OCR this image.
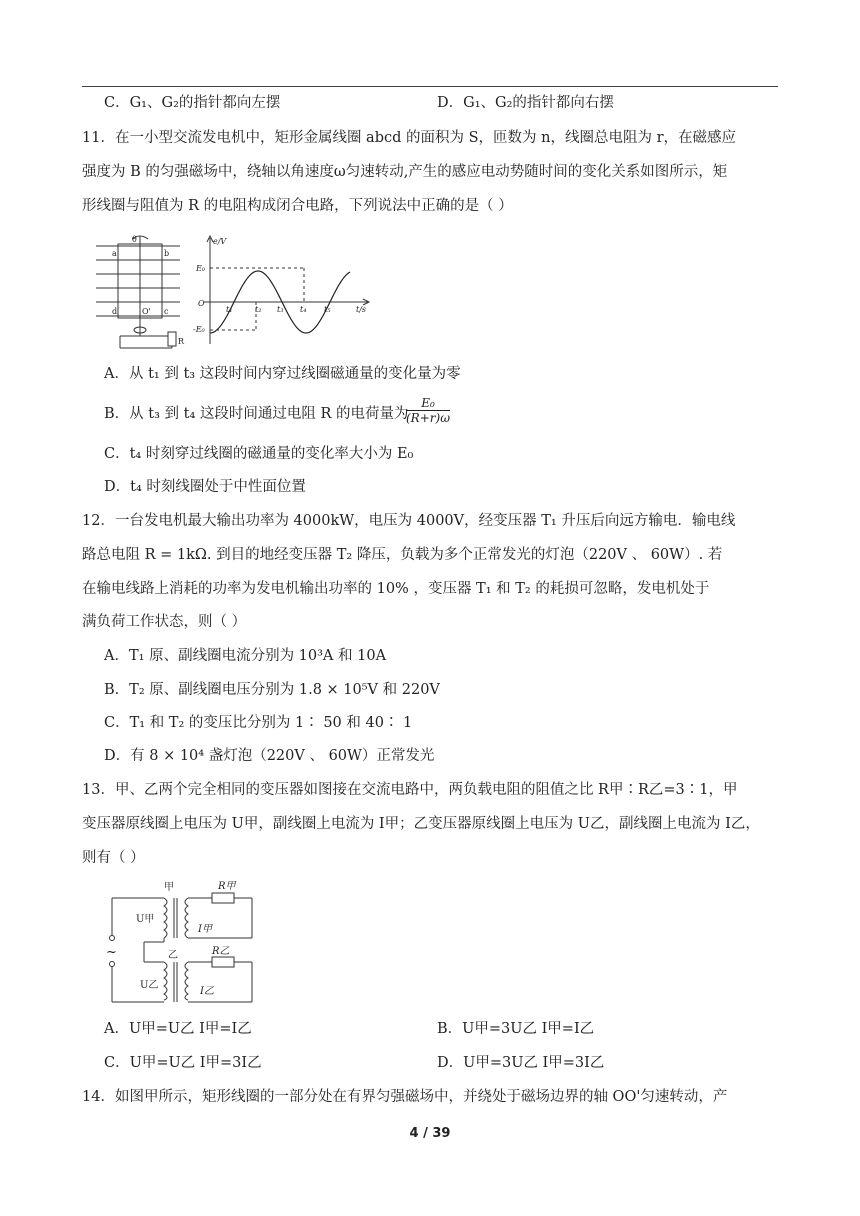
C．G₁、G₂的指针都向左摆	D．G₁、G₂的指针都向右摆
11．在一小型交流发电机中，矩形金属线圈 abcd 的面积为 S，匝数为 n，线圈总电阻为 r，在磁感应
强度为 B 的匀强磁场中，绕轴以角速度ω匀速转动,产生的感应电动势随时间的变化关系如图所示，矩
形线圈与阻值为 R 的电阻构成闭合电路，下列说法中正确的是（ ）
θ
a	b
d	O' c
R
e/V
t/s
O
E₀
-E₀
t₁	t₂ t₃ t₄ t₅
A．从 t₁ 到 t₃ 这段时间内穿过线圈磁通量的变化量为零
B．从 t₃ 到 t₄ 这段时间通过电阻 R 的电荷量为
$\frac{\text{E₀}}{(R+r)\omega}$
C．t₄ 时刻穿过线圈的磁通量的变化率大小为 E₀
D．t₄ 时刻线圈处于中性面位置
12．一台发电机最大输出功率为 4000kW，电压为 4000V，经变压器 T₁ 升压后向远方输电．输电线
路总电阻 R = 1kΩ. 到目的地经变压器 T₂ 降压，负载为多个正常发光的灯泡（220V 、 60W）. 若
在输电线路上消耗的功率为发电机输出功率的 10% ，变压器 T₁ 和 T₂ 的耗损可忽略，发电机处于
满负荷工作状态，则（ ）
A．T₁ 原、副线圈电流分别为 10³A 和 10A
B．T₂ 原、副线圈电压分别为 1.8 × 10⁵V 和 220V
C．T₁ 和 T₂ 的变压比分别为 1∶ 50 和 40∶ 1
D．有 8 × 10⁴ 盏灯泡（220V 、 60W）正常发光
13．甲、乙两个完全相同的变压器如图接在交流电路中，两负载电阻的阻值之比 R甲∶R乙=3∶1，甲
变压器原线圈上电压为 U甲，副线圈上电流为 I甲；乙变压器原线圈上电压为 U乙，副线圈上电流为 I乙，
则有（ ）
甲
乙
R甲
R乙
U甲
U乙
I甲
I乙
~
A．U甲=U乙 I甲=I乙	B．U甲=3U乙 I甲=I乙
C．U甲=U乙 I甲=3I乙	D．U甲=3U乙 I甲=3I乙
14．如图甲所示，矩形线圈的一部分处在有界匀强磁场中，并绕处于磁场边界的轴 OO'匀速转动，产
4 / 39
